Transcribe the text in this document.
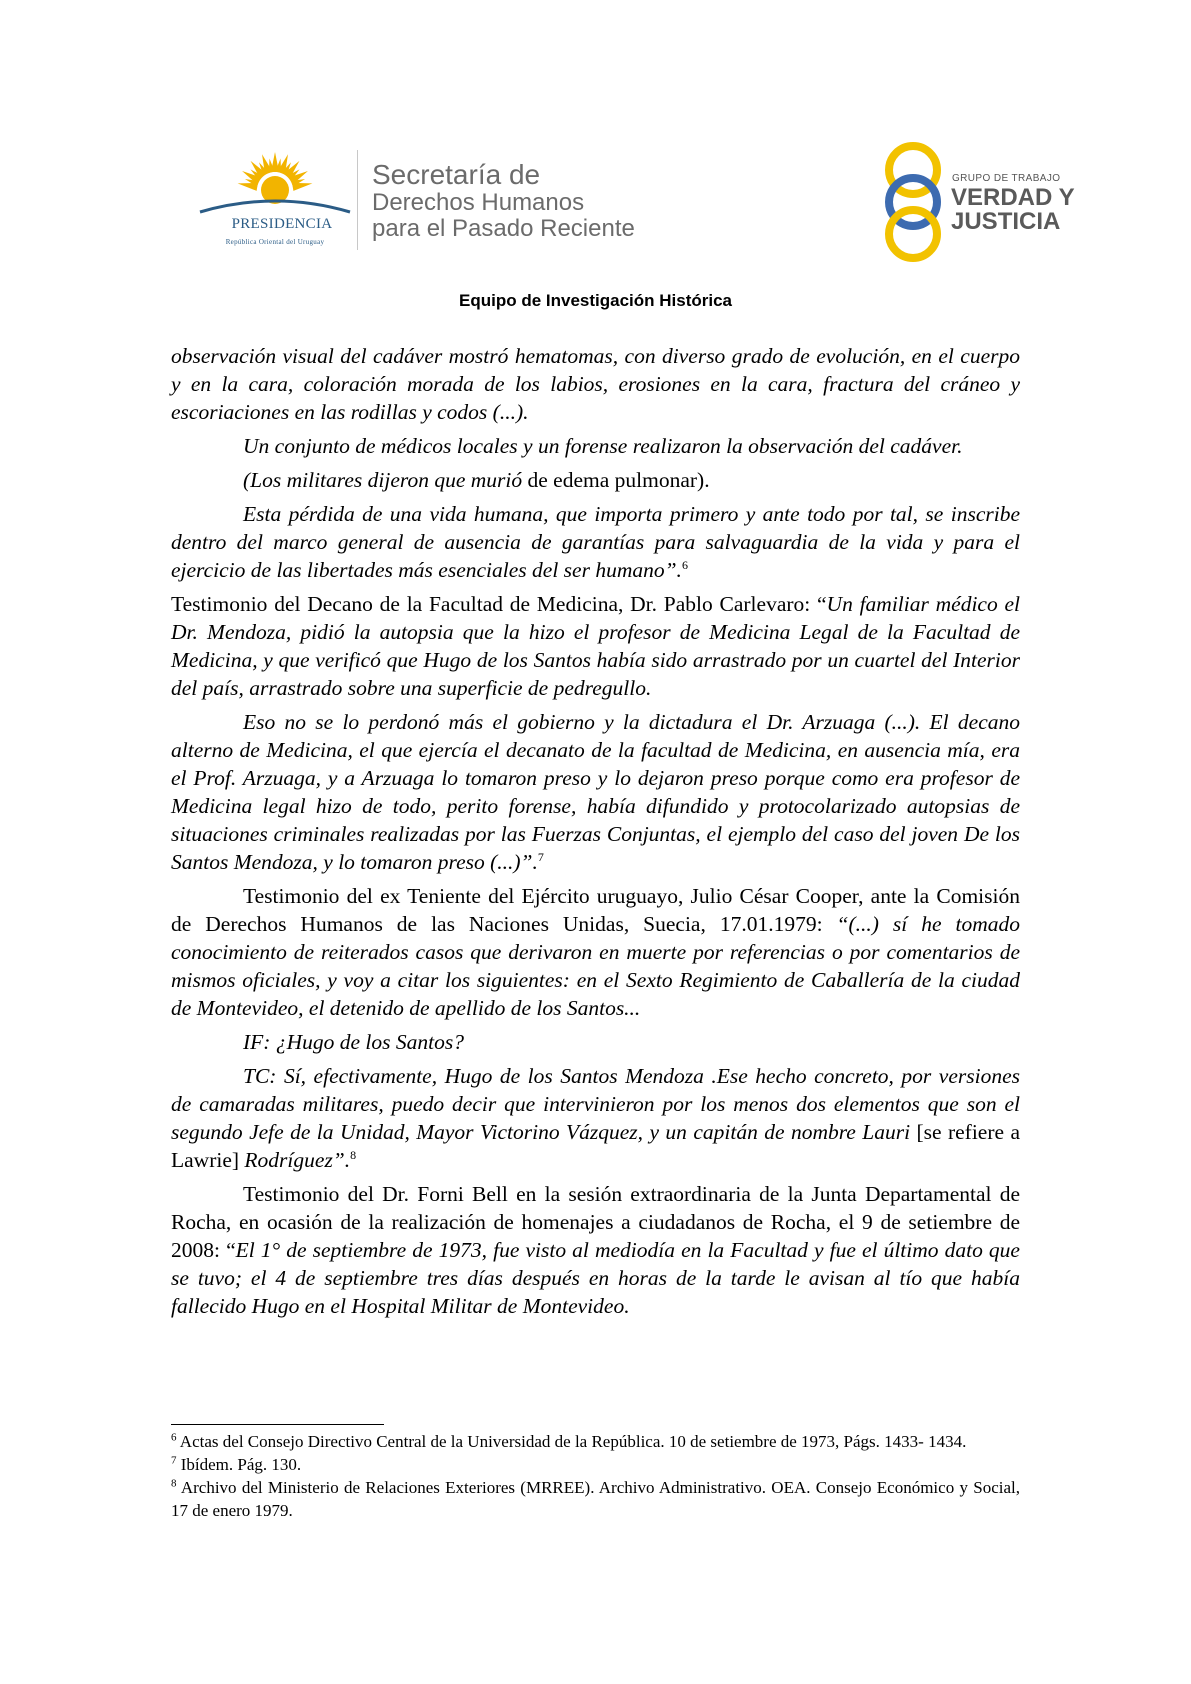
PRESIDENCIA
República Oriental del Uruguay
Secretaría de
Derechos Humanos
para el Pasado Reciente
GRUPO DE TRABAJO
VERDAD Y
JUSTICIA
Equipo de Investigación Histórica

observación visual del cadáver mostró hematomas, con diverso grado de evolución, en el cuerpo y en la cara, coloración morada de los labios, erosiones en la cara, fractura del cráneo y escoriaciones en las rodillas y codos (...).

Un conjunto de médicos locales y un forense realizaron la observación del cadáver.

(Los militares dijeron que murió de edema pulmonar).

Esta pérdida de una vida humana, que importa primero y ante todo por tal, se inscribe dentro del marco general de ausencia de garantías para salvaguardia de la vida y para el ejercicio de las libertades más esenciales del ser humano”.$^6$

Testimonio del Decano de la Facultad de Medicina, Dr. Pablo Carlevaro: “Un familiar médico el Dr. Mendoza, pidió la autopsia que la hizo el profesor de Medicina Legal de la Facultad de Medicina, y que verificó que Hugo de los Santos había sido arrastrado por un cuartel del Interior del país, arrastrado sobre una superficie de pedregullo.

Eso no se lo perdonó más el gobierno y la dictadura el Dr. Arzuaga (...). El decano alterno de Medicina, el que ejercía el decanato de la facultad de Medicina, en ausencia mía, era el Prof. Arzuaga, y a Arzuaga lo tomaron preso y lo dejaron preso porque como era profesor de Medicina legal hizo de todo, perito forense, había difundido y protocolarizado autopsias de situaciones criminales realizadas por las Fuerzas Conjuntas, el ejemplo del caso del joven De los Santos Mendoza, y lo tomaron preso (...)”.$^7$

Testimonio del ex Teniente del Ejército uruguayo, Julio César Cooper, ante la Comisión de Derechos Humanos de las Naciones Unidas, Suecia, 17.01.1979: “(...) sí he tomado conocimiento de reiterados casos que derivaron en muerte por referencias o por comentarios de mismos oficiales, y voy a citar los siguientes: en el Sexto Regimiento de Caballería de la ciudad de Montevideo, el detenido de apellido de los Santos...

IF: ¿Hugo de los Santos?

TC: Sí, efectivamente, Hugo de los Santos Mendoza .Ese hecho concreto, por versiones de camaradas militares, puedo decir que intervinieron por los menos dos elementos que son el segundo Jefe de la Unidad, Mayor Victorino Vázquez, y un capitán de nombre Lauri [se refiere a Lawrie] Rodríguez”.$^8$

Testimonio del Dr. Forni Bell en la sesión extraordinaria de la Junta Departamental de Rocha, en ocasión de la realización de homenajes a ciudadanos de Rocha, el 9 de setiembre de 2008: “El 1° de septiembre de 1973, fue visto al mediodía en la Facultad y fue el último dato que se tuvo; el 4 de septiembre tres días después en horas de la tarde le avisan al tío que había fallecido Hugo en el Hospital Militar de Montevideo.

$^6$ Actas del Consejo Directivo Central de la Universidad de la República. 10 de setiembre de 1973, Págs. 1433- 1434.

$^7$ Ibídem. Pág. 130.

$^8$ Archivo del Ministerio de Relaciones Exteriores (MRREE). Archivo Administrativo. OEA. Consejo Económico y Social, 17 de enero 1979.
